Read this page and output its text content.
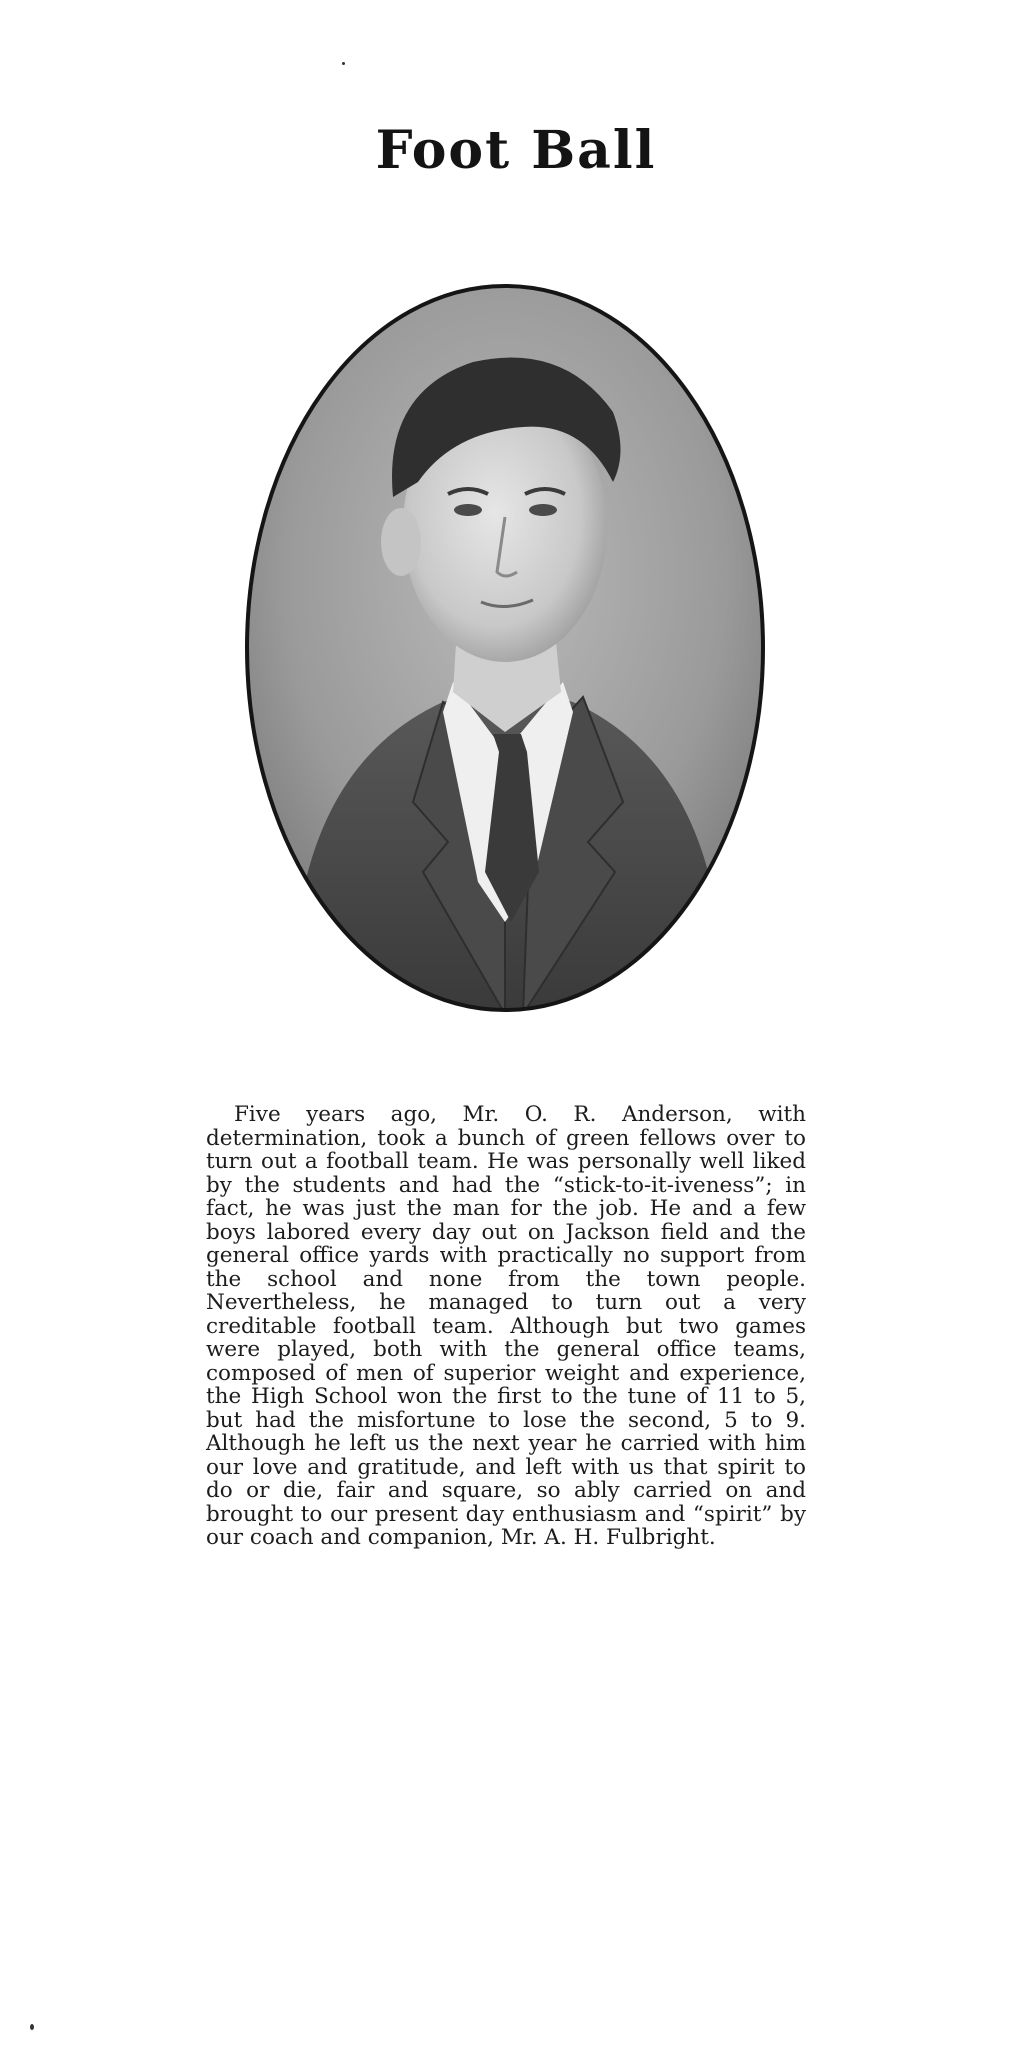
Foot Ball

Five years ago, Mr. O. R. Anderson, with determination, took a bunch of green fellows over to turn out a football team. He was personally well liked by the students and had the “stick-to-it-iveness”; in fact, he was just the man for the job. He and a few boys labored every day out on Jackson field and the general office yards with practically no support from the school and none from the town people. Nevertheless, he managed to turn out a very creditable football team. Although but two games were played, both with the general office teams, composed of men of superior weight and experience, the High School won the first to the tune of 11 to 5, but had the misfortune to lose the second, 5 to 9. Although he left us the next year he carried with him our love and gratitude, and left with us that spirit to do or die, fair and square, so ably carried on and brought to our present day enthusiasm and “spirit” by our coach and companion, Mr. A. H. Fulbright.
